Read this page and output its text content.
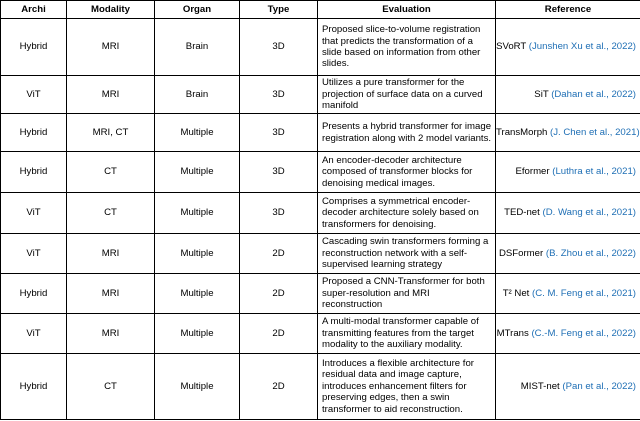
Archi	Modality	Organ	Type	Evaluation	Reference
Hybrid	MRI	Brain	3D	Proposed slice-to-volume registration that predicts the transformation of a slide based on information from other slides.	SVoRT (Junshen Xu et al., 2022)
ViT	MRI	Brain	3D	Utilizes a pure transformer for the projection of surface data on a curved manifold	SiT (Dahan et al., 2022)
Hybrid	MRI, CT	Multiple	3D	Presents a hybrid transformer for image registration along with 2 model variants.	TransMorph (J. Chen et al., 2021)
Hybrid	CT	Multiple	3D	An encoder-decoder architecture composed of transformer blocks for denoising medical images.	Eformer (Luthra et al., 2021)
ViT	CT	Multiple	3D	Comprises a symmetrical encoder-decoder architecture solely based on transformers for denoising.	TED-net (D. Wang et al., 2021)
ViT	MRI	Multiple	2D	Cascading swin transformers forming a reconstruction network with a self-supervised learning strategy	DSFormer (B. Zhou et al., 2022)
Hybrid	MRI	Multiple	2D	Proposed a CNN-Transformer for both super-resolution and MRI reconstruction	T² Net (C. M. Feng et al., 2021)
ViT	MRI	Multiple	2D	A multi-modal transformer capable of transmitting features from the target modality to the auxiliary modality.	MTrans (C.-M. Feng et al., 2022)
Hybrid	CT	Multiple	2D	Introduces a flexible architecture for residual data and image capture, introduces enhancement filters for preserving edges, then a swin transformer to aid reconstruction.	MIST-net (Pan et al., 2022)
